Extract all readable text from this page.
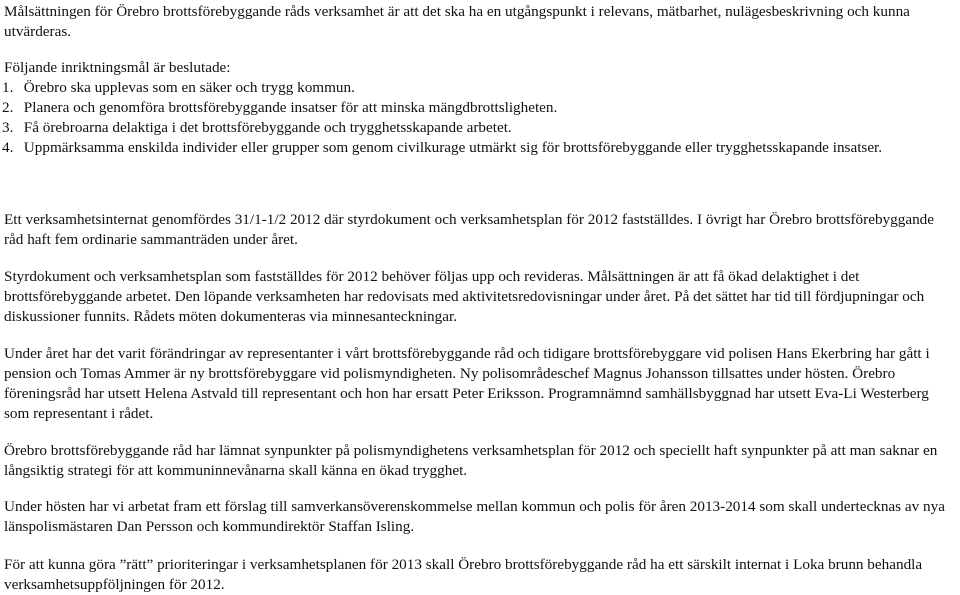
Målsättningen för Örebro brottsförebyggande råds verksamhet är att det ska ha en utgångspunkt i relevans, mätbarhet, nulägesbeskrivning och kunna utvärderas.

Följande inriktningsmål är beslutade:

1. Örebro ska upplevas som en säker och trygg kommun.
2. Planera och genomföra brottsförebyggande insatser för att minska mängdbrottsligheten.
3. Få örebroarna delaktiga i det brottsförebyggande och trygghetsskapande arbetet.
4. Uppmärksamma enskilda individer eller grupper som genom civilkurage utmärkt sig för brottsförebyggande eller trygghetsskapande insatser.

Ett verksamhetsinternat genomfördes 31/1-1/2 2012 där styrdokument och verksamhetsplan för 2012 fastställdes. I övrigt har Örebro brottsförebyggande råd haft fem ordinarie sammanträden under året.

Styrdokument och verksamhetsplan som fastställdes för 2012 behöver följas upp och revideras. Målsättningen är att få ökad delaktighet i det brottsförebyggande arbetet. Den löpande verksamheten har redovisats med aktivitetsredovisningar under året. På det sättet har tid till fördjupningar och diskussioner funnits. Rådets möten dokumenteras via minnesanteckningar.

Under året har det varit förändringar av representanter i vårt brottsförebyggande råd och tidigare brottsförebyggare vid polisen Hans Ekerbring har gått i pension och Tomas Ammer är ny brottsförebyggare vid polismyndigheten. Ny polisområdeschef Magnus Johansson tillsattes under hösten. Örebro föreningsråd har utsett Helena Astvald till representant och hon har ersatt Peter Eriksson. Programnämnd samhällsbyggnad har utsett Eva-Li Westerberg som representant i rådet.

Örebro brottsförebyggande råd har lämnat synpunkter på polismyndighetens verksamhetsplan för 2012 och speciellt haft synpunkter på att man saknar en långsiktig strategi för att kommuninnevånarna skall känna en ökad trygghet.

Under hösten har vi arbetat fram ett förslag till samverkansöverenskommelse mellan kommun och polis för åren 2013-2014 som skall undertecknas av nya länspolismästaren Dan Persson och kommundirektör Staffan Isling.

För att kunna göra ”rätt” prioriteringar i verksamhetsplanen för 2013 skall Örebro brottsförebyggande råd ha ett särskilt internat i Loka brunn behandla verksamhetsuppföljningen för 2012.
